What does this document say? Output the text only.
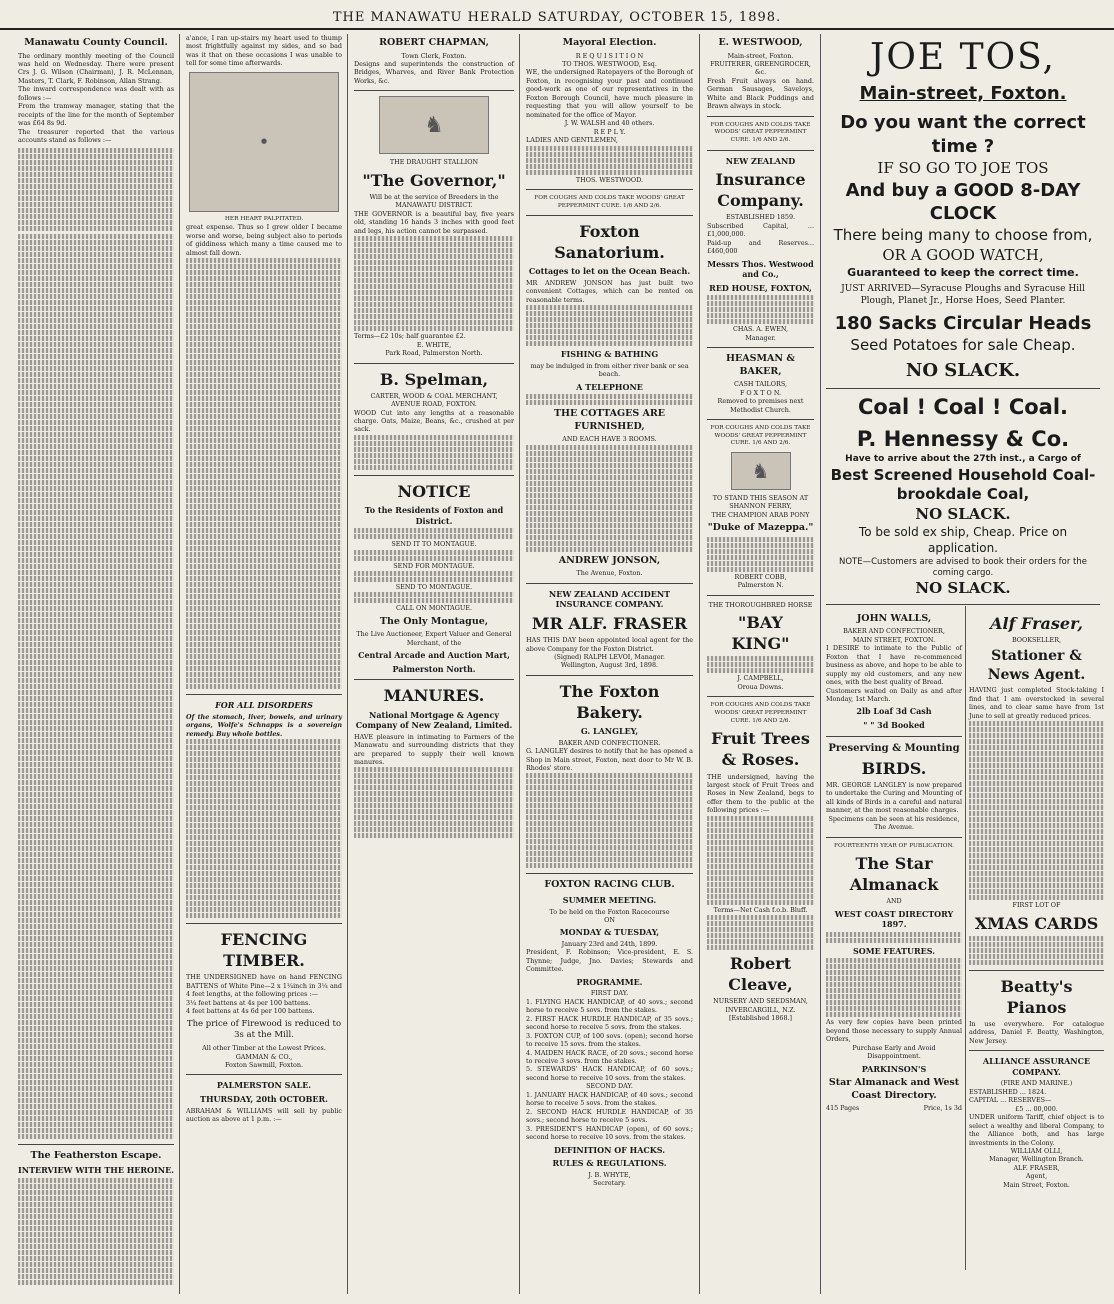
THE MANAWATU HERALD SATURDAY, OCTOBER 15, 1898.
Manawatu County Council.

The ordinary monthly meeting of the Council was held on Wednesday. There were present Crs J. G. Wilson (Chairman), J. R. McLennan, Masters, T. Clark, F. Robinson, Allan Strang.

The inward correspondence was dealt with as follows :—

From the tramway manager, stating that the receipts of the line for the month of September was £64 8s 9d.

The treasurer reported that the various accounts stand as follows :—

The Featherston Escape.
INTERVIEW WITH THE HEROINE.

a'ance, I ran up-stairs my heart used to thump most frightfully against my sides, and so bad was it that on these occasions I was unable to tell for some time afterwards.

●

HER HEART PALPITATED.

great expense. Thus so I grew older I became worse and worse, being subject also to periods of giddiness which many a time caused me to almost fall down.

FOR ALL DISORDERS

Of the stomach, liver, bowels, and urinary organs, Wolfe's Schnapps is a sovereign remedy. Buy whole bottles.

FENCING TIMBER.

THE UNDERSIGNED have on hand FENCING BATTENS of White Pine—2 x 1¼inch in 3¼ and 4 feet lengths, at the following prices :—

3¼ feet battens at 4s per 100 battens.

4 feet battens at 4s 6d per 100 battens.

The price of Firewood is reduced to 3s at the Mill.

All other Timber at the Lowest Prices.

GAMMAN & CO.,

Foxton Sawmill, Foxton.

PALMERSTON SALE.
THURSDAY, 20th OCTOBER.

ABRAHAM & WILLIAMS will sell by public auction as above at 1 p.m. :—

ROBERT CHAPMAN,

Town Clerk, Foxton.

Designs and superintends the construction of Bridges, Wharves, and River Bank Protection Works, &c.

♞

THE DRAUGHT STALLION

"The Governor,"

Will be at the service of Breeders in the

MANAWATU DISTRICT.

THE GOVERNOR is a beautiful bay, five years old, standing 16 hands 3 inches with good feet and legs, his action cannot be surpassed.

Terms—£2 10s; half guarantee £2.

E. WHITE,

Park Road, Palmerston North.

B. Spelman,

CARTER, WOOD & COAL MERCHANT,

AVENUE ROAD, FOXTON.

WOOD Cut into any lengths at a reasonable charge. Oats, Maize, Beans, &c., crushed at per sack.

NOTICE
To the Residents of Foxton and District.

SEND IT TO MONTAGUE.

SEND FOR MONTAGUE.

SEND TO MONTAGUE.

CALL ON MONTAGUE.

The Only Montague,

The Live Auctioneer, Expert Valuer and General Merchant, of the

Central Arcade and Auction Mart,
Palmerston North.
MANURES.
National Mortgage & Agency Company of New Zealand, Limited.

HAVE pleasure in intimating to Farmers of the Manawatu and surrounding districts that they are prepared to supply their well known manures.

Mayoral Election.

R E Q U I S I T I O N

TO THOS. WESTWOOD, Esq.

WE, the undersigned Ratepayers of the Borough of Foxton, in recognising your past and continued good-work as one of our representatives in the Foxton Borough Council, have much pleasure in requesting that you will allow yourself to be nominated for the office of Mayor.

J. W. WALSH and 40 others.

R E P L Y.

LADIES AND GENTLEMEN,

THOS. WESTWOOD.

FOR COUGHS AND COLDS TAKE WOODS' GREAT PEPPERMINT CURE. 1/6 AND 2/6.

Foxton Sanatorium.
Cottages to let on the Ocean Beach.

MR ANDREW JONSON has just built two convenient Cottages, which can be rented on reasonable terms.

FISHING & BATHING

may be indulged in from either river bank or sea beach.

A TELEPHONE
THE COTTAGES ARE FURNISHED,

AND EACH HAVE 3 ROOMS.

ANDREW JONSON,

The Avenue, Foxton.

NEW ZEALAND ACCIDENT INSURANCE COMPANY.
MR ALF. FRASER

HAS THIS DAY been appointed local agent for the above Company for the Foxton District.

(Signed) RALPH LEVOI, Manager.

Wellington, August 3rd, 1898.

The Foxton Bakery.
G. LANGLEY,

BAKER AND CONFECTIONER.

G. LANGLEY desires to notify that he has opened a Shop in Main street, Foxton, next door to Mr W. B. Rhodes' store.

FOXTON RACING CLUB.
SUMMER MEETING.

To be held on the Foxton Racecourse

ON

MONDAY & TUESDAY,

January 23rd and 24th, 1899.

President, F. Robinson; Vice-president, E. S. Thynne; Judge, Jno. Davies; Stewards and Committee.

PROGRAMME.

FIRST DAY.

1. FLYING HACK HANDICAP, of 40 sovs.; second horse to receive 5 sovs. from the stakes.

2. FIRST HACK HURDLE HANDICAP, of 35 sovs.; second horse to receive 5 sovs. from the stakes.

3. FOXTON CUP, of 100 sovs. (open); second horse to receive 15 sovs. from the stakes.

4. MAIDEN HACK RACE, of 20 sovs.; second horse to receive 3 sovs. from the stakes.

5. STEWARDS' HACK HANDICAP, of 60 sovs.; second horse to receive 10 sovs. from the stakes.

SECOND DAY.

1. JANUARY HACK HANDICAP, of 40 sovs.; second horse to receive 5 sovs. from the stakes.

2. SECOND HACK HURDLE HANDICAP, of 35 sovs.; second horse to receive 5 sovs.

3. PRESIDENT'S HANDICAP (open), of 60 sovs.; second horse to receive 10 sovs. from the stakes.

DEFINITION OF HACKS.
RULES & REGULATIONS.

J. B. WHYTE,

Secretary.

E. WESTWOOD,

Main-street, Foxton.

FRUITERER, GREENGROCER, &c.

Fresh Fruit always on hand. German Sausages, Saveloys, White and Black Puddings and Brawn always in stock.

FOR COUGHS AND COLDS TAKE WOODS' GREAT PEPPERMINT CURE. 1/6 AND 2/6.

NEW ZEALAND
Insurance Company.

ESTABLISHED 1859.

Subscribed Capital, ... £1,000,000.

Paid-up and Reserves... £460,000

Messrs Thos. Westwood and Co.,
RED HOUSE, FOXTON,

CHAS. A. EWEN,

Manager.

HEASMAN & BAKER,

CASH TAILORS,

F O X T O N.

Removed to premises next Methodist Church.

FOR COUGHS AND COLDS TAKE WOODS' GREAT PEPPERMINT CURE. 1/6 AND 2/6.

♞

TO STAND THIS SEASON AT SHANNON FERRY,

THE CHAMPION ARAB PONY

"Duke of Mazeppa."

ROBERT COBB,

Palmerston N.

THE THOROUGHBRED HORSE

"BAY KING"

J. CAMPBELL,

Oroua Downs.

FOR COUGHS AND COLDS TAKE WOODS' GREAT PEPPERMINT CURE. 1/6 AND 2/6.

Fruit Trees & Roses.

THE undersigned, having the largest stock of Fruit Trees and Roses in New Zealand, begs to offer them to the public at the following prices :—

Terms—Net Cash f.o.b. Bluff.

Robert Cleave,

NURSERY AND SEEDSMAN,

INVERCARGILL, N.Z.

[Established 1868.]

JOE TOS,
Main-street, Foxton.
Do you want the correct time ?
IF SO GO TO JOE TOS
And buy a GOOD 8-DAY CLOCK
There being many to choose from,
OR A GOOD WATCH,
Guaranteed to keep the correct time.
JUST ARRIVED—Syracuse Ploughs and Syracuse Hill Plough, Planet Jr., Horse Hoes, Seed Planter.
180 Sacks Circular Heads
Seed Potatoes for sale Cheap.
NO SLACK.
Coal ! Coal ! Coal.
P. Hennessy & Co.
Have to arrive about the 27th inst., a Cargo of
Best Screened Household Coal-brookdale Coal,
NO SLACK.
To be sold ex ship, Cheap. Price on application.
NOTE—Customers are advised to book their orders for the coming cargo.
NO SLACK.
JOHN WALLS,

BAKER AND CONFECTIONER,

MAIN STREET, FOXTON.

I DESIRE to intimate to the Public of Foxton that I have re-commenced business as above, and hope to be able to supply my old customers, and any new ones, with the best quality of Bread.

Customers waited on Daily as and after Monday, 1st March.

2lb Loaf 3d Cash
" " 3d Booked
Preserving & Mounting
BIRDS.

MR. GEORGE LANGLEY is now prepared to undertake the Curing and Mounting of all kinds of Birds in a careful and natural manner, at the most reasonable charges.

Specimens can be seen at his residence, The Avenue.

FOURTEENTH YEAR OF PUBLICATION.

The Star Almanack

AND

WEST COAST DIRECTORY 1897.
SOME FEATURES.

As very few copies have been printed beyond those necessary to supply Annual Orders,

Purchase Early and Avoid Disappointment.

PARKINSON'S
Star Almanack and West Coast Directory.
415 Pages	Price, 1s 3d
Alf Fraser,

BOOKSELLER,

Stationer & News Agent.

HAVING just completed Stock-taking I find that I am overstocked in several lines, and to clear same have from 1st June to sell at greatly reduced prices.

FIRST LOT OF

XMAS CARDS
Beatty's Pianos

In use everywhere. For catalogue address, Daniel F. Beatty, Washington, New Jersey.

ALLIANCE ASSURANCE COMPANY.

(FIRE AND MARINE.)

ESTABLISHED ... 1824.

CAPITAL ... RESERVES—

£5 ... 00,000.

UNDER uniform Tariff, chief object is to select a wealthy and liberal Company, to the Alliance both, and has large investments in the Colony.

WILLIAM OLLI,

Manager, Wellington Branch.

ALF. FRASER,

Agent,

Main Street, Foxton.
